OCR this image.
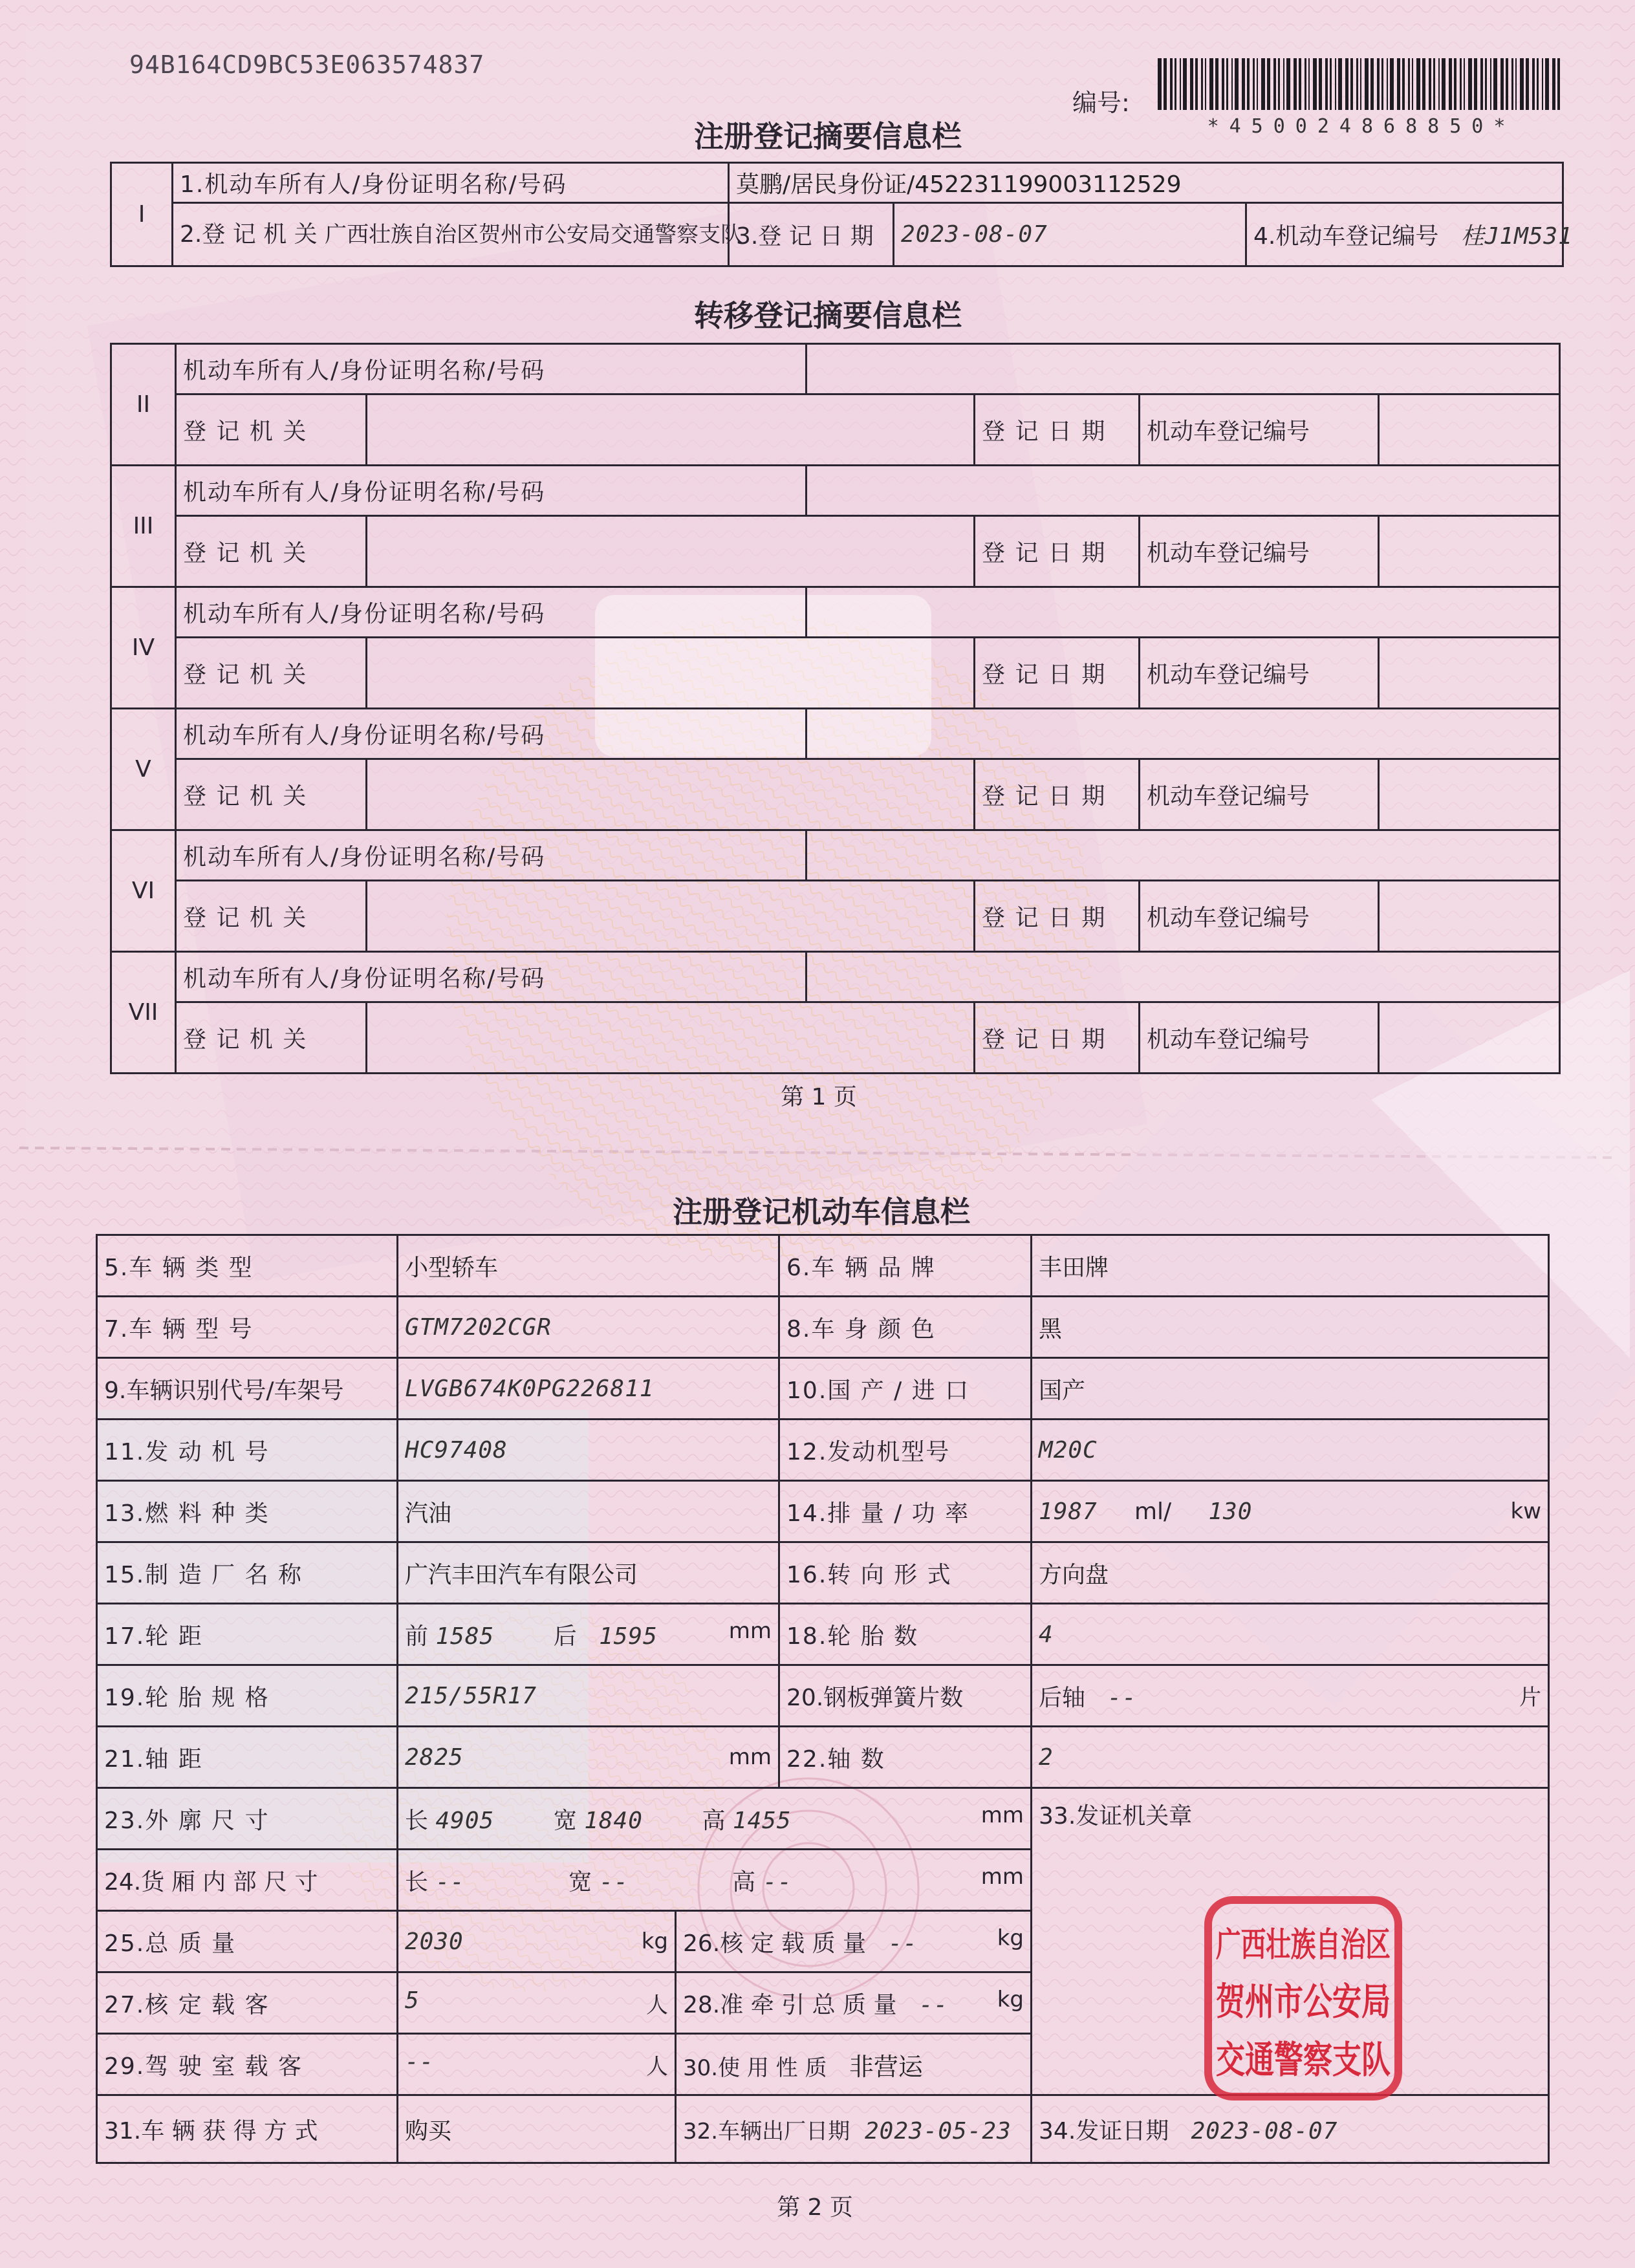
94B164CD9BC53E063574837
编号:
*450024868850*
注册登记摘要信息栏
I	1.机动车所有人/身份证明名称/号码	莫鹏/居民身份证/452231199003112529		
	2.登 记 机 关 广西壮族自治区贺州市公安局交通警察支队	3.登 记 日 期	2023-08-07	4.机动车登记编号 桂J1M531
转移登记摘要信息栏
II	机动车所有人/身份证明名称/号码					
	登 记 机 关			登 记 日 期	机动车登记编号	
III	机动车所有人/身份证明名称/号码					
	登 记 机 关			登 记 日 期	机动车登记编号	
IV	机动车所有人/身份证明名称/号码					
	登 记 机 关			登 记 日 期	机动车登记编号	
V	机动车所有人/身份证明名称/号码					
	登 记 机 关			登 记 日 期	机动车登记编号	
VI	机动车所有人/身份证明名称/号码					
	登 记 机 关			登 记 日 期	机动车登记编号	
VII	机动车所有人/身份证明名称/号码					
	登 记 机 关			登 记 日 期	机动车登记编号	
第 1 页
注册登记机动车信息栏
5.车 辆 类 型	小型轿车		6.车 辆 品 牌	丰田牌
7.车 辆 型 号	GTM7202CGR		8.车 身 颜 色	黑
9.车辆识别代号/车架号	LVGB674K0PG226811		10.国 产 / 进 口	国产
11.发 动 机 号	HC97408		12.发动机型号	M20C
13.燃 料 种 类	汽油		14.排 量 / 功 率	1987 ml/ 130 kw

15.制 造 厂 名 称	广汽丰田汽车有限公司		16.转 向 形 式	方向盘
17.轮 距	前 1585 后 1595 mm		18.轮 胎 数	4
19.轮 胎 规 格	215/55R17		20.钢板弹簧片数	后轴 -- 片

21.轴 距	2825 mm		22.轴 数	2
23.外 廓 尺 寸	长 4905 宽 1840 高 1455 mm			33.发证机关章
24.货 厢 内 部 尺 寸	长 -- 宽 -- 高 -- mm			

25.总 质 量	2030 kg	26.核 定 载 质 量 -- kg		

27.核 定 载 客	5 人	28.准 牵 引 总 质 量 -- kg		

29.驾 驶 室 载 客	-- 人	30.使 用 性 质 非营运		
31.车 辆 获 得 方 式	购买	32.车辆出厂日期 2023-05-23		34.发证日期 2023-08-07
广西壮族自治区
贺州市公安局
交通警察支队
第 2 页
